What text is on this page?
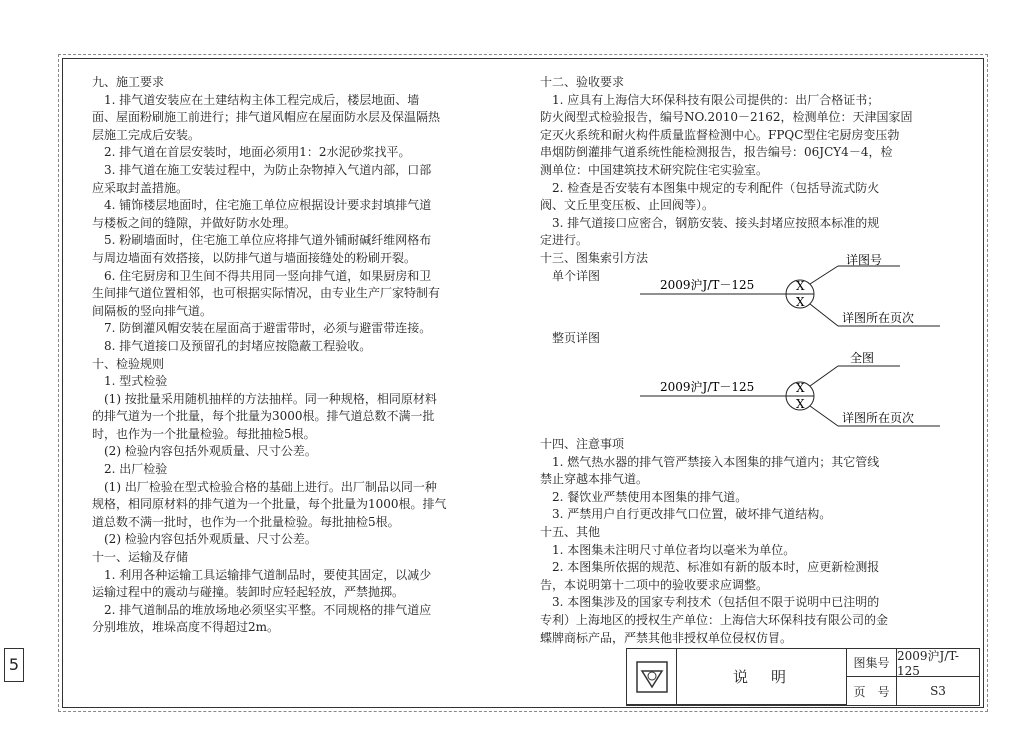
5
九、施工要求
　1. 排气道安装应在土建结构主体工程完成后，楼层地面、墙
面、屋面粉刷施工前进行；排气道风帽应在屋面防水层及保温隔热
层施工完成后安装。
　2. 排气道在首层安装时，地面必须用1：2水泥砂浆找平。
　3. 排气道在施工安装过程中，为防止杂物掉入气道内部，口部
应采取封盖措施。
　4. 铺饰楼层地面时，住宅施工单位应根据设计要求封填排气道
与楼板之间的缝隙，并做好防水处理。
　5. 粉刷墙面时，住宅施工单位应将排气道外铺耐碱纤维网格布
与周边墙面有效搭接，以防排气道与墙面接缝处的粉刷开裂。
　6. 住宅厨房和卫生间不得共用同一竖向排气道，如果厨房和卫
生间排气道位置相邻，也可根据实际情况，由专业生产厂家特制有
间隔板的竖向排气道。
　7. 防倒灌风帽安装在屋面高于避雷带时，必须与避雷带连接。
　8. 排气道接口及预留孔的封堵应按隐蔽工程验收。
十、检验规则
　1. 型式检验
　(1) 按批量采用随机抽样的方法抽样。同一种规格，相同原材料
的排气道为一个批量，每个批量为3000根。排气道总数不满一批
时，也作为一个批量检验。每批抽检5根。
　(2) 检验内容包括外观质量、尺寸公差。
　2. 出厂检验
　(1) 出厂检验在型式检验合格的基础上进行。出厂制品以同一种
规格，相同原材料的排气道为一个批量，每个批量为1000根。排气
道总数不满一批时，也作为一个批量检验。每批抽检5根。
　(2) 检验内容包括外观质量、尺寸公差。
十一、运输及存储
　1. 利用各种运输工具运输排气道制品时，要使其固定，以减少
运输过程中的震动与碰撞。装卸时应轻起轻放，严禁抛掷。
　2. 排气道制品的堆放场地必须坚实平整。不同规格的排气道应
分别堆放，堆垛高度不得超过2m。
十二、验收要求
　1. 应具有上海信大环保科技有限公司提供的：出厂合格证书；
防火阀型式检验报告，编号NO.2010－2162，检测单位：天津国家固
定灭火系统和耐火构件质量监督检测中心。FPQC型住宅厨房变压勃
串烟防倒灌排气道系统性能检测报告，报告编号：06JCY4－4，检
测单位：中国建筑技术研究院住宅实验室。
　2. 检查是否安装有本图集中规定的专利配件（包括导流式防火
阀、文丘里变压板、止回阀等）。
　3. 排气道接口应密合，钢筋安装、接头封堵应按照本标准的规
定进行。
十三、图集索引方法
　单个详图
2009沪J/T－125	X
X
详图号
详图所在页次
　整页详图
2009沪J/T－125	X
X
全图
详图所在页次
十四、注意事项
　1. 燃气热水器的排气管严禁接入本图集的排气道内；其它管线
禁止穿越本排气道。
　2. 餐饮业严禁使用本图集的排气道。
　3. 严禁用户自行更改排气口位置，破坏排气道结构。
十五、其他
　1. 本图集未注明尺寸单位者均以毫米为单位。
　2. 本图集所依据的规范、标准如有新的版本时，应更新检测报
告，本说明第十二项中的验收要求应调整。
　3. 本图集涉及的国家专利技术（包括但不限于说明中已注明的
专利）上海地区的授权生产单位：上海信大环保科技有限公司的金
蝶牌商标产品，严禁其他非授权单位侵权仿冒。
说　明
图集号 2009沪J/T-125
页　号	S3
